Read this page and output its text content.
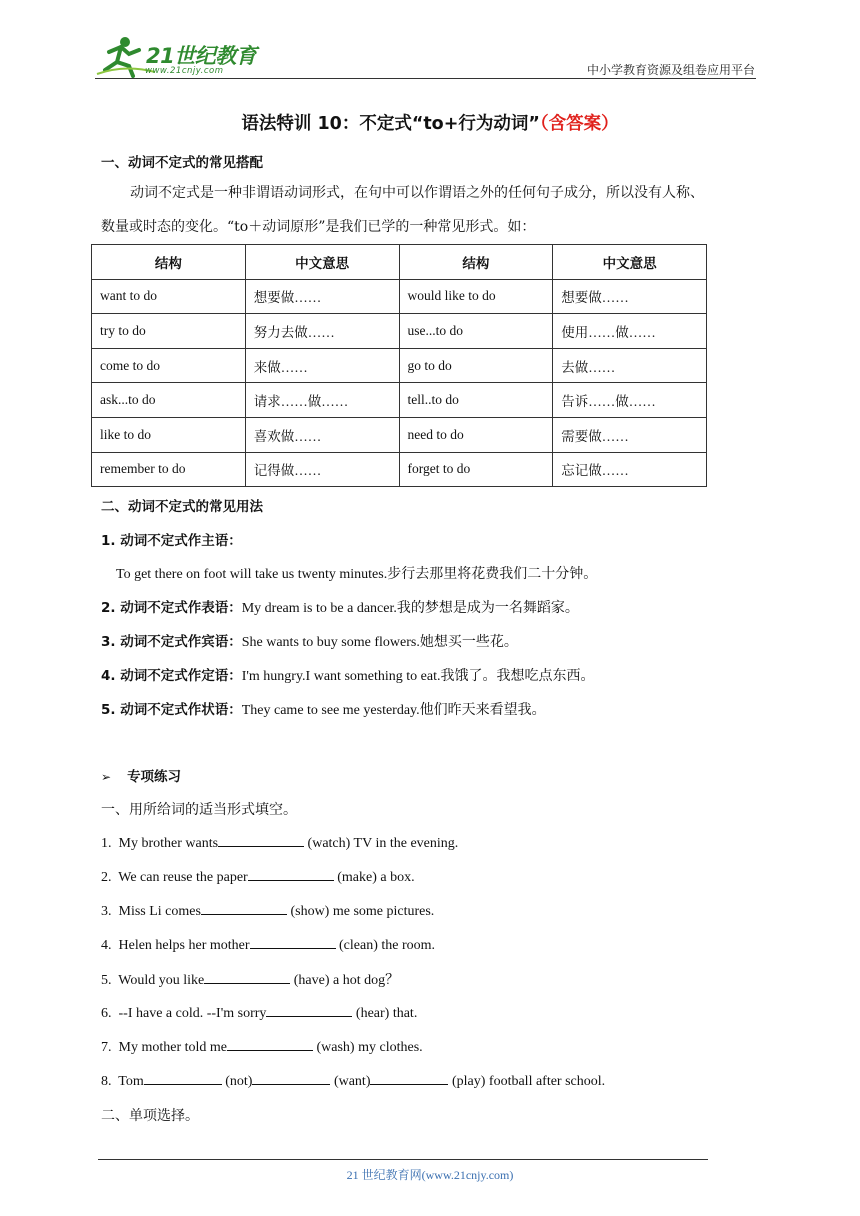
21世纪教育
www.21cnjy.com	中小学教育资源及组卷应用平台
语法特训 10：不定式“to+行为动词”（含答案）
一、动词不定式的常见搭配
动词不定式是一种非谓语动词形式，在句中可以作谓语之外的任何句子成分，所以没有人称、
数量或时态的变化。“to＋动词原形”是我们已学的一种常见形式。如：
结构	中文意思	结构	中文意思
want to do	想要做……	would like to do	想要做……
try to do	努力去做……	use...to do	使用……做……
come to do	来做……	go to do	去做……
ask...to do	请求……做……	tell..to do	告诉……做……
like to do	喜欢做……	need to do	需要做……
remember to do	记得做……	forget to do	忘记做……
二、动词不定式的常见用法
1. 动词不定式作主语：
To get there on foot will take us twenty minutes.步行去那里将花费我们二十分钟。
2. 动词不定式作表语：My dream is to be a dancer.我的梦想是成为一名舞蹈家。
3. 动词不定式作宾语：She wants to buy some flowers.她想买一些花。
4. 动词不定式作定语：I'm hungry.I want something to eat.我饿了。我想吃点东西。
5. 动词不定式作状语：They came to see me yesterday.他们昨天来看望我。
➢ 专项练习
一、用所给词的适当形式填空。
1. My brother wants	(watch) TV in the evening.
2. We can reuse the paper	(make) a box.
3. Miss Li comes	(show) me some pictures.
4. Helen helps her mother	(clean) the room.
5. Would you like	(have) a hot dog？
6. --I have a cold. --I'm sorry	(hear) that.
7. My mother told me	(wash) my clothes.
8. Tom	(not)	(want)	(play) football after school.
二、单项选择。
21 世纪教育网(www.21cnjy.com)
